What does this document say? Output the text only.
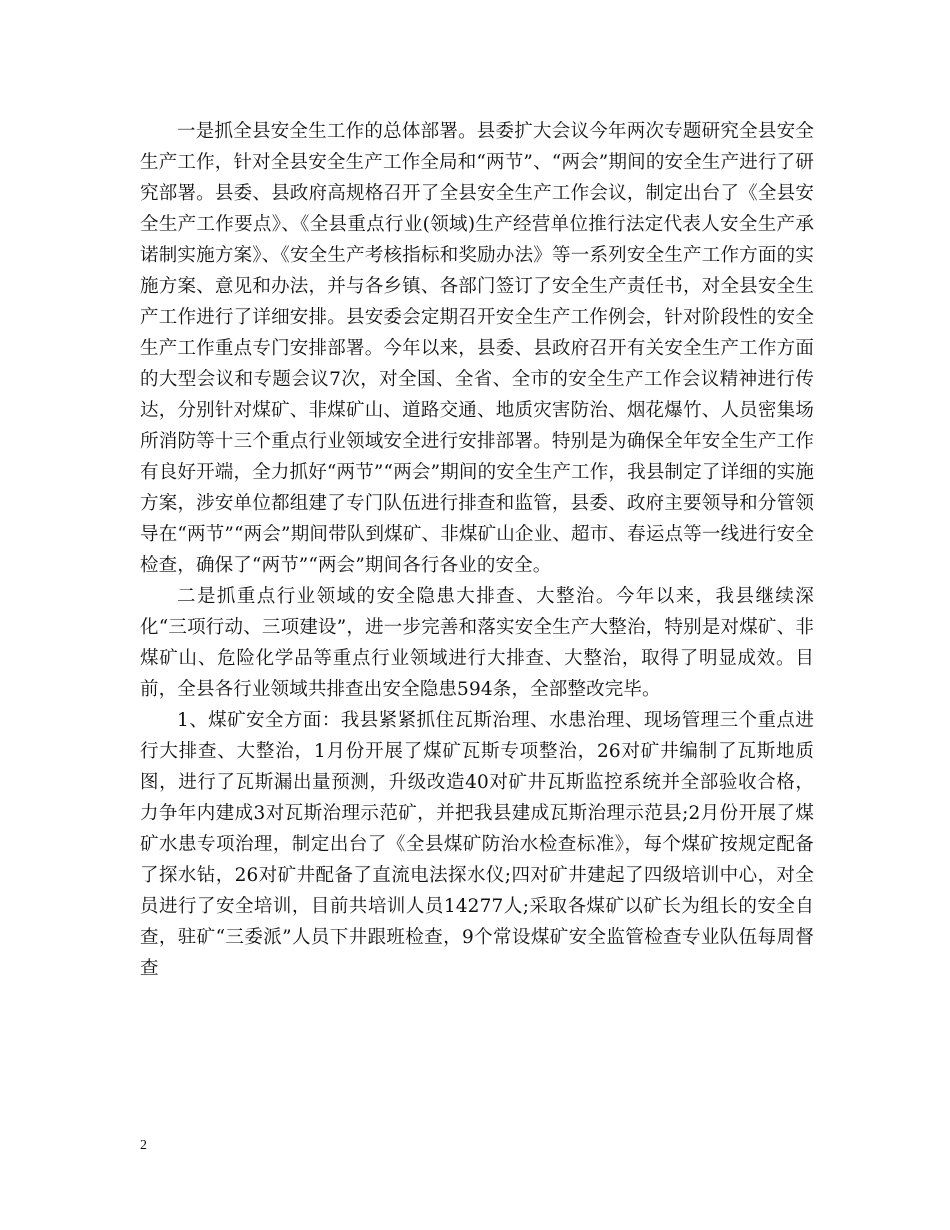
一是抓全县安全生工作的总体部署。县委扩大会议今年两次专题研究全县安全生产工作，针对全县安全生产工作全局和“两节”、“两会”期间的安全生产进行了研究部署。县委、县政府高规格召开了全县安全生产工作会议，制定出台了《全县安全生产工作要点》、《全县重点行业(领域)生产经营单位推行法定代表人安全生产承诺制实施方案》、《安全生产考核指标和奖励办法》等一系列安全生产工作方面的实施方案、意见和办法，并与各乡镇、各部门签订了安全生产责任书，对全县安全生产工作进行了详细安排。县安委会定期召开安全生产工作例会，针对阶段性的安全生产工作重点专门安排部署。今年以来，县委、县政府召开有关安全生产工作方面的大型会议和专题会议7次，对全国、全省、全市的安全生产工作会议精神进行传达，分别针对煤矿、非煤矿山、道路交通、地质灾害防治、烟花爆竹、人员密集场所消防等十三个重点行业领域安全进行安排部署。特别是为确保全年安全生产工作有良好开端，全力抓好“两节”“两会”期间的安全生产工作，我县制定了详细的实施方案，涉安单位都组建了专门队伍进行排查和监管，县委、政府主要领导和分管领导在“两节”“两会”期间带队到煤矿、非煤矿山企业、超市、春运点等一线进行安全检查，确保了“两节”“两会”期间各行各业的安全。

二是抓重点行业领域的安全隐患大排查、大整治。今年以来，我县继续深化“三项行动、三项建设”，进一步完善和落实安全生产大整治，特别是对煤矿、非煤矿山、危险化学品等重点行业领域进行大排查、大整治，取得了明显成效。目前，全县各行业领域共排查出安全隐患594条，全部整改完毕。

1、煤矿安全方面：我县紧紧抓住瓦斯治理、水患治理、现场管理三个重点进行大排查、大整治，1月份开展了煤矿瓦斯专项整治，26对矿井编制了瓦斯地质图，进行了瓦斯漏出量预测，升级改造40对矿井瓦斯监控系统并全部验收合格，力争年内建成3对瓦斯治理示范矿，并把我县建成瓦斯治理示范县;2月份开展了煤矿水患专项治理，制定出台了《全县煤矿防治水检查标准》，每个煤矿按规定配备了探水钻，26对矿井配备了直流电法探水仪;四对矿井建起了四级培训中心，对全员进行了安全培训，目前共培训人员14277人;采取各煤矿以矿长为组长的安全自查，驻矿“三委派”人员下井跟班检查，9个常设煤矿安全监管检查专业队伍每周督查

2
